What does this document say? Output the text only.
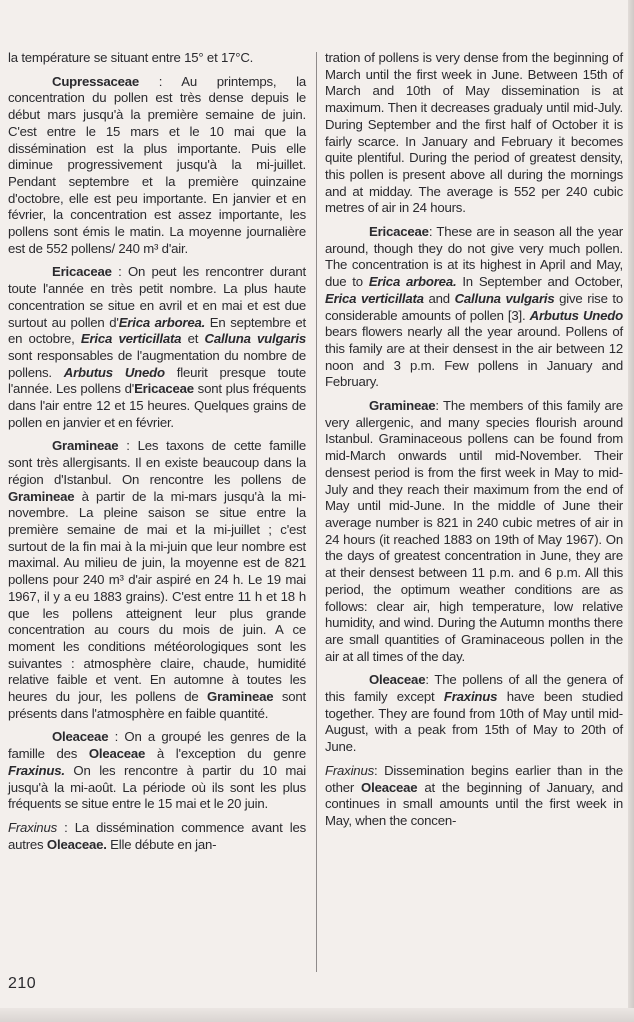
la température se situant entre 15° et 17°C.

Cupressaceae : Au printemps, la concentration du pollen est très dense depuis le début mars jusqu'à la première semaine de juin. C'est entre le 15 mars et le 10 mai que la dissémination est la plus importante. Puis elle diminue progressivement jusqu'à la mi-juillet. Pendant septembre et la première quinzaine d'octobre, elle est peu importante. En janvier et en février, la concentration est assez importante, les pollens sont émis le matin. La moyenne journalière est de 552 pollens/ 240 m³ d'air.

Ericaceae : On peut les rencontrer durant toute l'année en très petit nombre. La plus haute concentration se situe en avril et en mai et est due surtout au pollen d'Erica arborea. En septembre et en octobre, Erica verticillata et Calluna vulgaris sont responsables de l'augmentation du nombre de pollens. Arbutus Unedo fleurit presque toute l'année. Les pollens d'Ericaceae sont plus fréquents dans l'air entre 12 et 15 heures. Quelques grains de pollen en janvier et en février.

Gramineae : Les taxons de cette famille sont très allergisants. Il en existe beaucoup dans la région d'Istanbul. On rencontre les pollens de Gramineae à partir de la mi-mars jusqu'à la mi-novembre. La pleine saison se situe entre la première semaine de mai et la mi-juillet ; c'est surtout de la fin mai à la mi-juin que leur nombre est maximal. Au milieu de juin, la moyenne est de 821 pollens pour 240 m³ d'air aspiré en 24 h. Le 19 mai 1967, il y a eu 1883 grains). C'est entre 11 h et 18 h que les pollens atteignent leur plus grande concentration au cours du mois de juin. A ce moment les conditions météorologiques sont les suivantes : atmosphère claire, chaude, humidité relative faible et vent. En automne à toutes les heures du jour, les pollens de Gramineae sont présents dans l'atmosphère en faible quantité.

Oleaceae : On a groupé les genres de la famille des Oleaceae à l'exception du genre Fraxinus. On les rencontre à partir du 10 mai jusqu'à la mi-août. La période où ils sont les plus fréquents se situe entre le 15 mai et le 20 juin.

Fraxinus : La dissémination commence avant les autres Oleaceae. Elle débute en jan-

tration of pollens is very dense from the beginning of March until the first week in June. Between 15th of March and 10th of May dissemination is at maximum. Then it decreases gradualy until mid-July. During September and the first half of October it is fairly scarce. In January and February it becomes quite plentiful. During the period of greatest density, this pollen is present above all during the mornings and at midday. The average is 552 per 240 cubic metres of air in 24 hours.

Ericaceae: These are in season all the year around, though they do not give very much pollen. The concentration is at its highest in April and May, due to Erica arborea. In September and October, Erica verticillata and Calluna vulgaris give rise to considerable amounts of pollen [3]. Arbutus Unedo bears flowers nearly all the year around. Pollens of this family are at their densest in the air between 12 noon and 3 p.m. Few pollens in January and February.

Gramineae: The members of this family are very allergenic, and many species flourish around Istanbul. Graminaceous pollens can be found from mid-March onwards until mid-November. Their densest period is from the first week in May to mid-July and they reach their maximum from the end of May until mid-June. In the middle of June their average number is 821 in 240 cubic metres of air in 24 hours (it reached 1883 on 19th of May 1967). On the days of greatest concentration in June, they are at their densest between 11 p.m. and 6 p.m. All this period, the optimum weather conditions are as follows: clear air, high temperature, low relative humidity, and wind. During the Autumn months there are small quantities of Graminaceous pollen in the air at all times of the day.

Oleaceae: The pollens of all the genera of this family except Fraxinus have been studied together. They are found from 10th of May until mid-August, with a peak from 15th of May to 20th of June.

Fraxinus: Dissemination begins earlier than in the other Oleaceae at the beginning of January, and continues in small amounts until the first week in May, when the concen-

210
